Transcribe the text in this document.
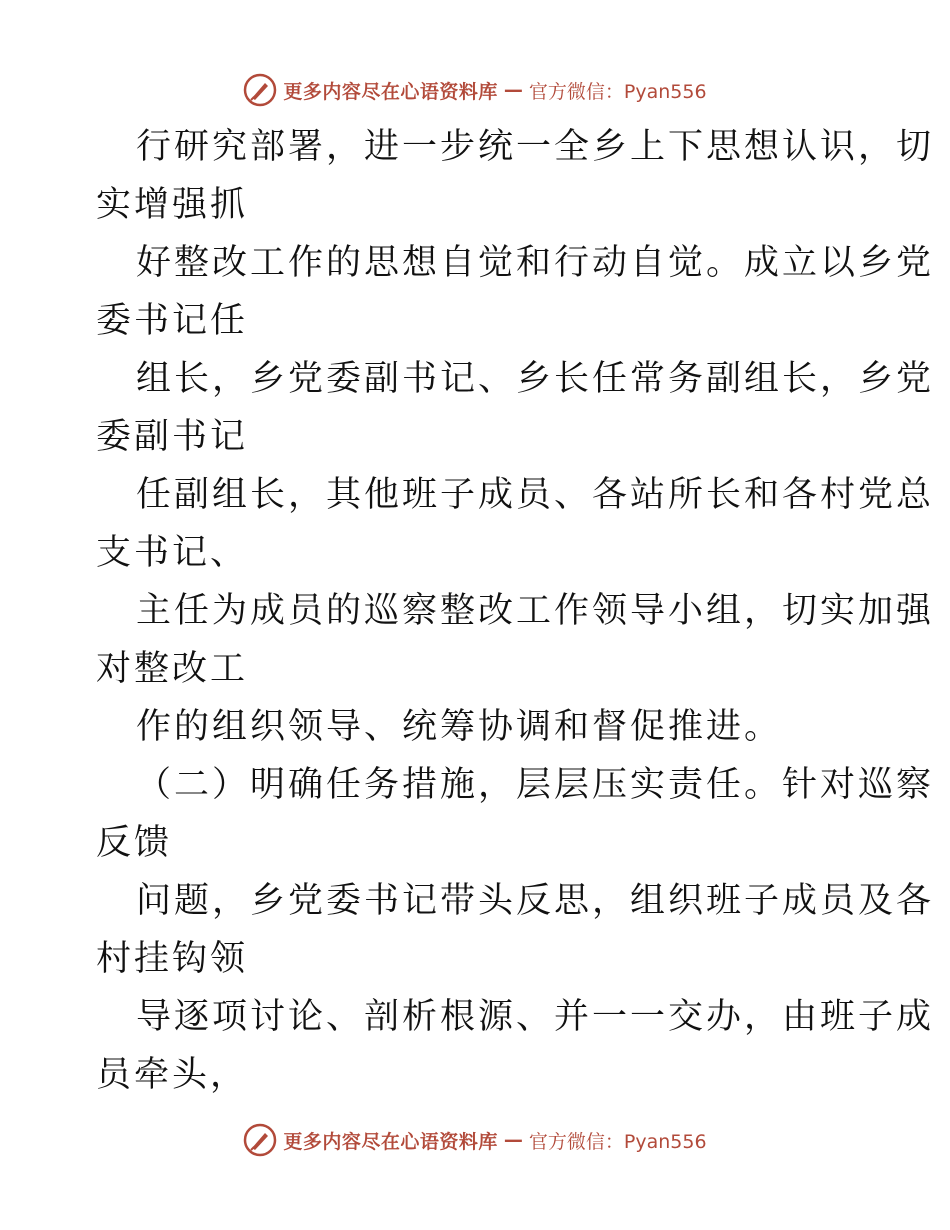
更多内容尽在心语资料库 — 官方微信：Pyan556

行研究部署，进一步统一全乡上下思想认识，切
实增强抓

好整改工作的思想自觉和行动自觉。成立以乡党
委书记任

组长，乡党委副书记、乡长任常务副组长，乡党
委副书记

任副组长，其他班子成员、各站所长和各村党总
支书记、

主任为成员的巡察整改工作领导小组，切实加强
对整改工

作的组织领导、统筹协调和督促推进。

（二）明确任务措施，层层压实责任。针对巡察
反馈

问题，乡党委书记带头反思，组织班子成员及各
村挂钩领

导逐项讨论、剖析根源、并一一交办，由班子成
员牵头，

更多内容尽在心语资料库 — 官方微信：Pyan556
